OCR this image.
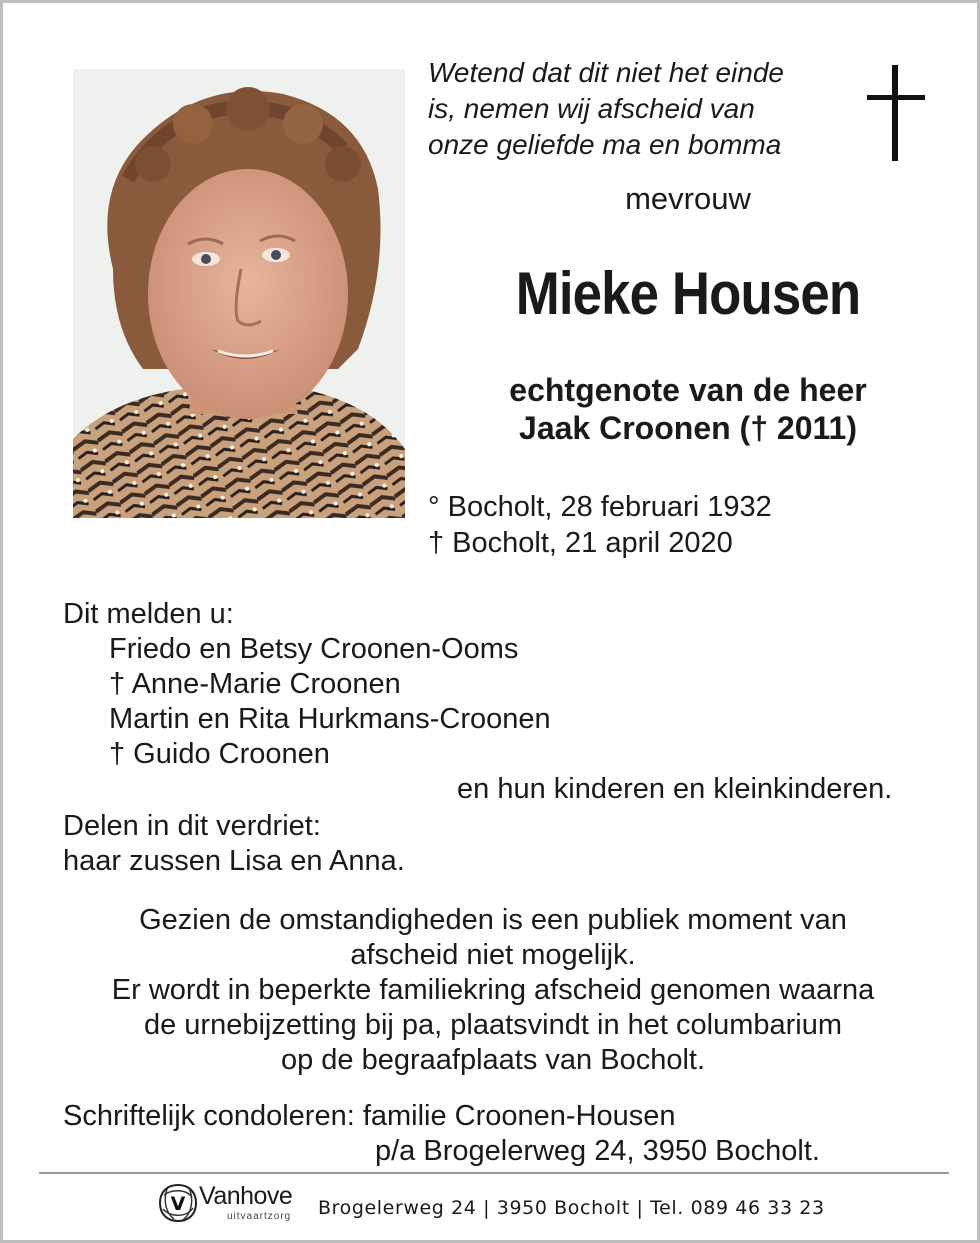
Wetend dat dit niet het einde
is, nemen wij afscheid van
onze geliefde ma en bomma
mevrouw
Mieke Housen
echtgenote van de heer
Jaak Croonen († 2011)
° Bocholt, 28 februari 1932
† Bocholt, 21 april 2020
Dit melden u:
Friedo en Betsy Croonen-Ooms
† Anne-Marie Croonen
Martin en Rita Hurkmans-Croonen
† Guido Croonen
en hun kinderen en kleinkinderen.
Delen in dit verdriet:
haar zussen Lisa en Anna.
Gezien de omstandigheden is een publiek moment van
afscheid niet mogelijk.
Er wordt in beperkte familiekring afscheid genomen waarna
de urnebijzetting bij pa, plaatsvindt in het columbarium
op de begraafplaats van Bocholt.
Schriftelijk condoleren: familie Croonen-Housen
p/a Brogelerweg 24, 3950 Bocholt.
V Vanhove
uitvaartzorg Brogelerweg 24 | 3950 Bocholt | Tel. 089 46 33 23
